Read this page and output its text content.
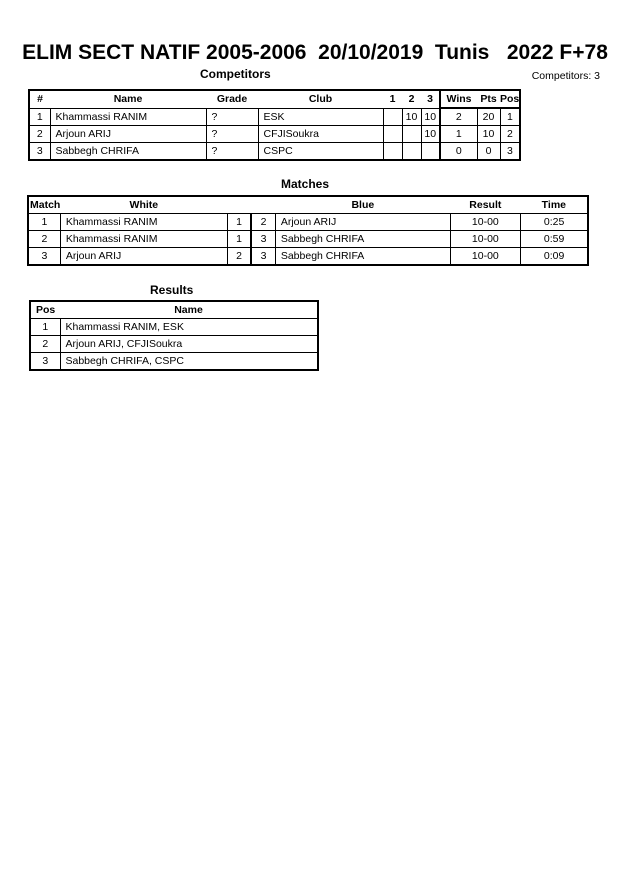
ELIM SECT NATIF 2005-2006  20/10/2019  Tunis   2022 F+78
Competitors	Competitors: 3
#	Name	Grade	Club	1	2	3	Wins	Pts	Pos
1	Khammassi RANIM	?	ESK		10	10	2	20	1
2	Arjoun ARIJ	?	CFJISoukra			10	1	10	2
3	Sabbegh CHRIFA	?	CSPC				0	0	3
Matches
Match	White			Blue	Result	Time
1	Khammassi RANIM	1	2	Arjoun ARIJ	10-00	0:25
2	Khammassi RANIM	1	3	Sabbegh CHRIFA	10-00	0:59
3	Arjoun ARIJ	2	3	Sabbegh CHRIFA	10-00	0:09
Results
Pos	Name
1	Khammassi RANIM, ESK
2	Arjoun ARIJ, CFJISoukra
3	Sabbegh CHRIFA, CSPC
